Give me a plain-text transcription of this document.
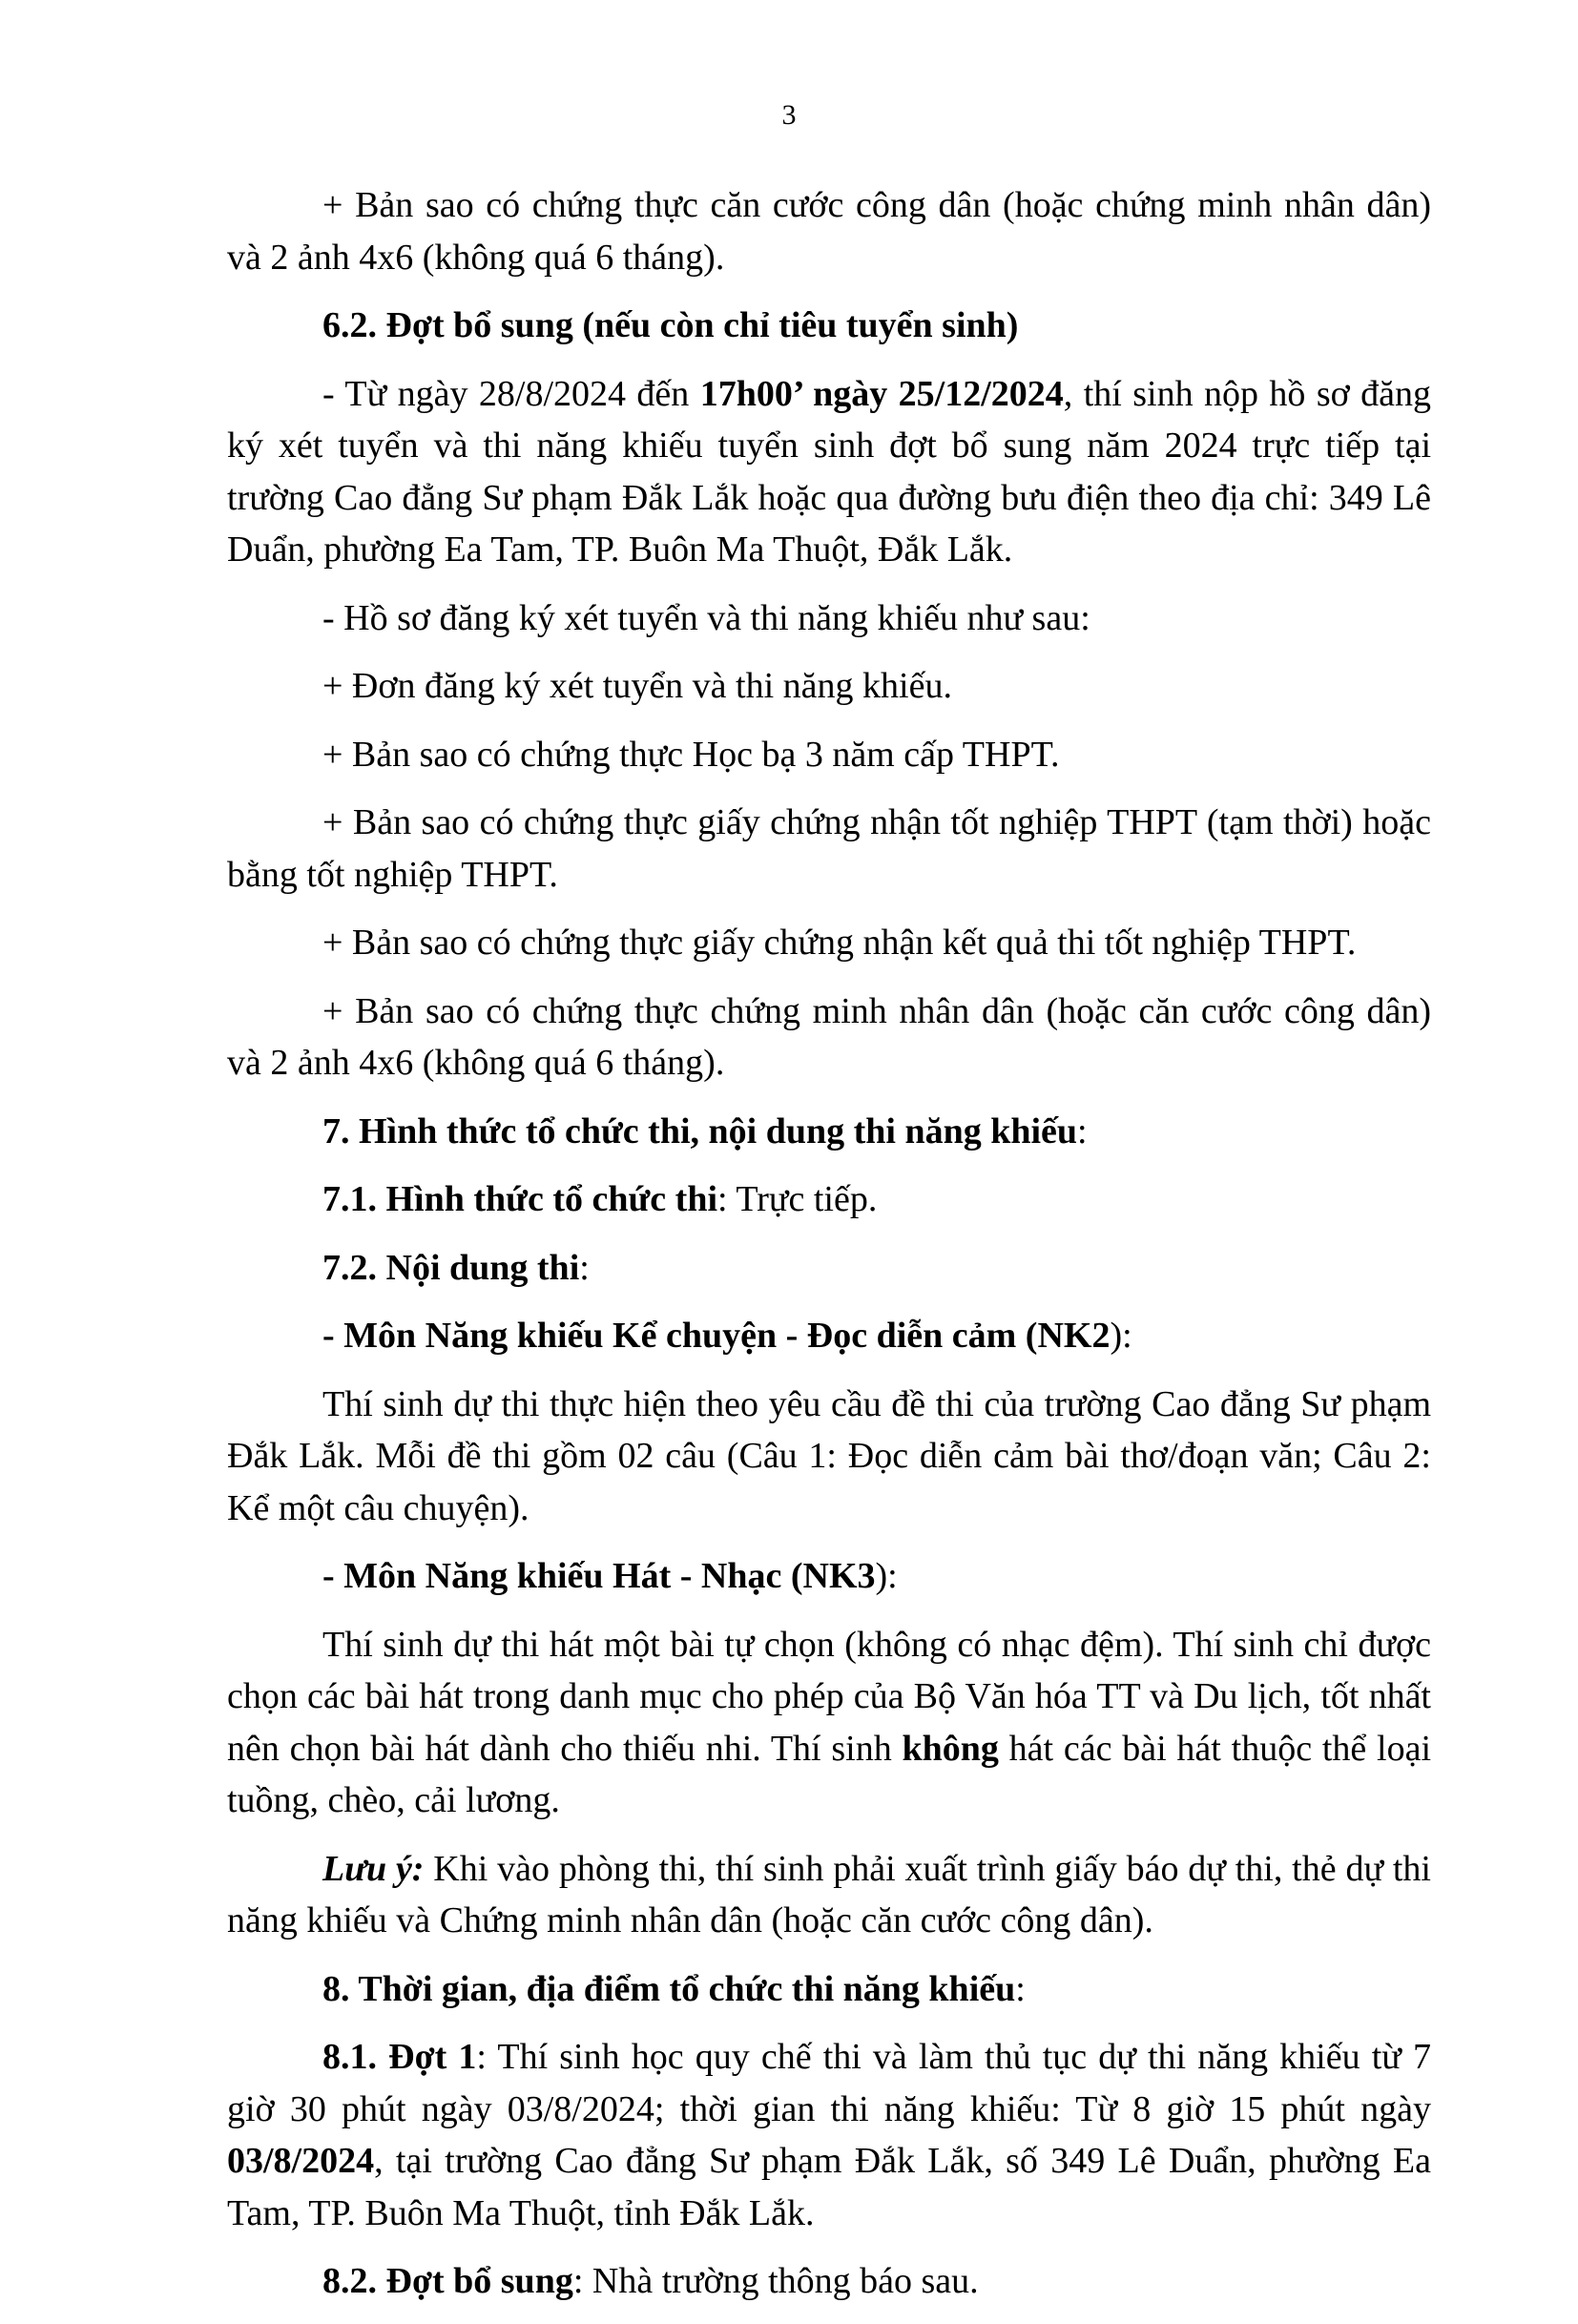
3

+ Bản sao có chứng thực căn cước công dân (hoặc chứng minh nhân dân) và 2 ảnh 4x6 (không quá 6 tháng).

6.2. Đợt bổ sung (nếu còn chỉ tiêu tuyển sinh)

- Từ ngày 28/8/2024 đến 17h00’ ngày 25/12/2024, thí sinh nộp hồ sơ đăng ký xét tuyển và thi năng khiếu tuyển sinh đợt bổ sung năm 2024 trực tiếp tại trường Cao đẳng Sư phạm Đắk Lắk hoặc qua đường bưu điện theo địa chỉ: 349 Lê Duẩn, phường Ea Tam, TP. Buôn Ma Thuột, Đắk Lắk.

- Hồ sơ đăng ký xét tuyển và thi năng khiếu như sau:

+ Đơn đăng ký xét tuyển và thi năng khiếu.

+ Bản sao có chứng thực Học bạ 3 năm cấp THPT.

+ Bản sao có chứng thực giấy chứng nhận tốt nghiệp THPT (tạm thời) hoặc bằng tốt nghiệp THPT.

+ Bản sao có chứng thực giấy chứng nhận kết quả thi tốt nghiệp THPT.

+ Bản sao có chứng thực chứng minh nhân dân (hoặc căn cước công dân) và 2 ảnh 4x6 (không quá 6 tháng).

7. Hình thức tổ chức thi, nội dung thi năng khiếu:

7.1. Hình thức tổ chức thi: Trực tiếp.

7.2. Nội dung thi:

- Môn Năng khiếu Kể chuyện - Đọc diễn cảm (NK2):

Thí sinh dự thi thực hiện theo yêu cầu đề thi của trường Cao đẳng Sư phạm Đắk Lắk. Mỗi đề thi gồm 02 câu (Câu 1: Đọc diễn cảm bài thơ/đoạn văn; Câu 2: Kể một câu chuyện).

- Môn Năng khiếu Hát - Nhạc (NK3):

Thí sinh dự thi hát một bài tự chọn (không có nhạc đệm). Thí sinh chỉ được chọn các bài hát trong danh mục cho phép của Bộ Văn hóa TT và Du lịch, tốt nhất nên chọn bài hát dành cho thiếu nhi. Thí sinh không hát các bài hát thuộc thể loại tuồng, chèo, cải lương.

Lưu ý: Khi vào phòng thi, thí sinh phải xuất trình giấy báo dự thi, thẻ dự thi năng khiếu và Chứng minh nhân dân (hoặc căn cước công dân).

8. Thời gian, địa điểm tổ chức thi năng khiếu:

8.1. Đợt 1: Thí sinh học quy chế thi và làm thủ tục dự thi năng khiếu từ 7 giờ 30 phút ngày 03/8/2024; thời gian thi năng khiếu: Từ 8 giờ 15 phút ngày 03/8/2024, tại trường Cao đẳng Sư phạm Đắk Lắk, số 349 Lê Duẩn, phường Ea Tam, TP. Buôn Ma Thuột, tỉnh Đắk Lắk.

8.2. Đợt bổ sung: Nhà trường thông báo sau.
